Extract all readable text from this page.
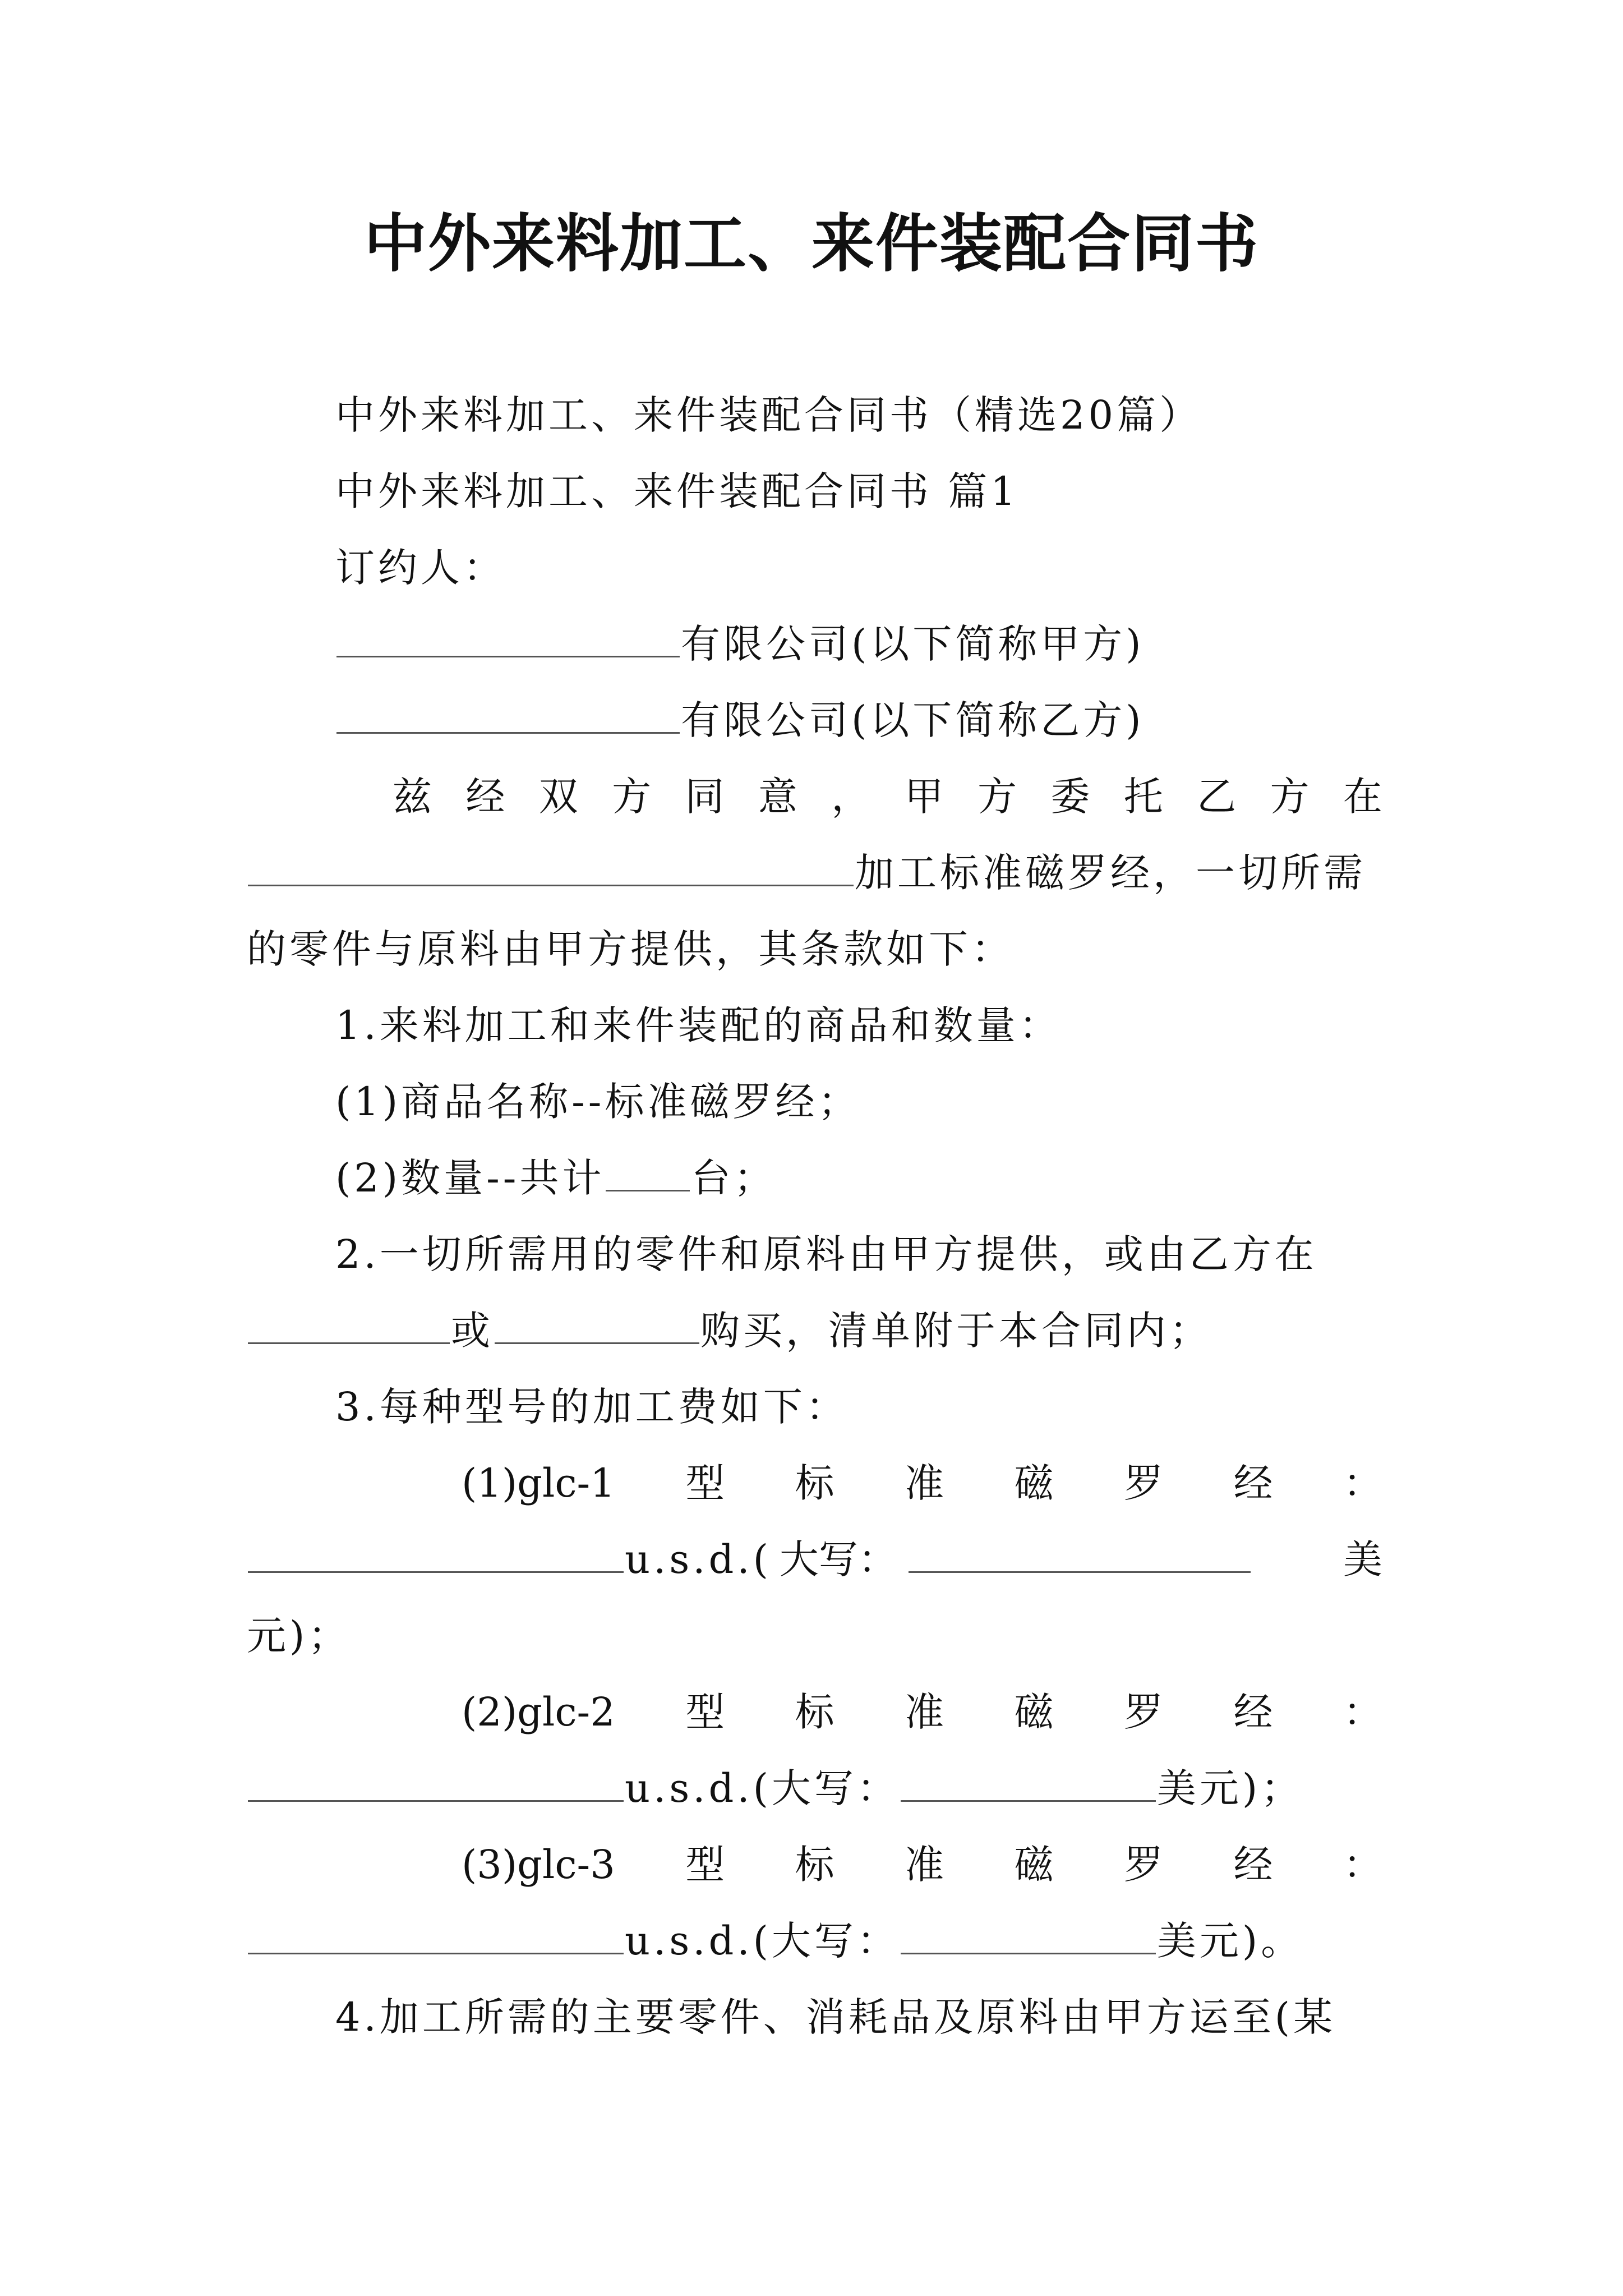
中外来料加工、来件装配合同书
中外来料加工、来件装配合同书（精选20篇）
中外来料加工、来件装配合同书 篇1
订约人：
有限公司(以下简称甲方)
有限公司(以下简称乙方)
兹 经 双 方 同 意 ， 甲 方 委 托 乙 方 在
加工标准磁罗经，一切所需
的零件与原料由甲方提供，其条款如下：
1.来料加工和来件装配的商品和数量：
(1)商品名称--标准磁罗经；
(2)数量--共计 台；
2.一切所需用的零件和原料由甲方提供，或由乙方在
或	购买，清单附于本合同内；
3.每种型号的加工费如下：
(1)glc-1 型 标 准 磁 罗 经 ：
u.s.d.( 大 写 ：	美
元)；
(2)glc-2 型 标 准 磁 罗 经 ：
u.s.d.(大写：	美元)；
(3)glc-3 型 标 准 磁 罗 经 ：
u.s.d.(大写：	美元)。
4.加工所需的主要零件、消耗品及原料由甲方运至(某
